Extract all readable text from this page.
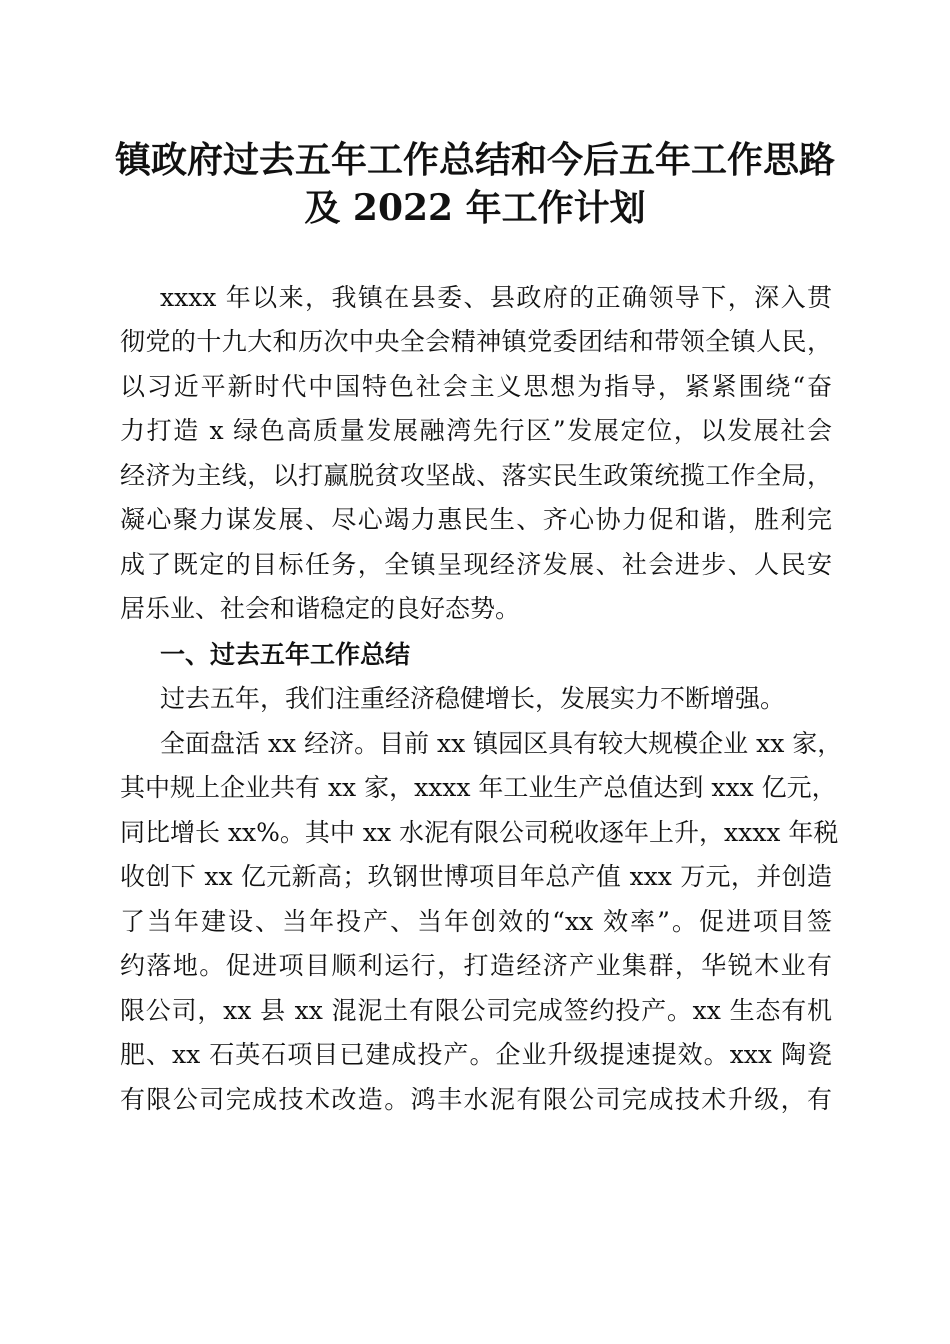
镇政府过去五年工作总结和今后五年工作思路
及 2022 年工作计划
xxxx 年以来，我镇在县委、县政府的正确领导下，深入贯
彻党的十九大和历次中央全会精神镇党委团结和带领全镇人民，
以习近平新时代中国特色社会主义思想为指导，紧紧围绕“奋
力打造 x 绿色高质量发展融湾先行区”发展定位，以发展社会
经济为主线，以打赢脱贫攻坚战、落实民生政策统揽工作全局，
凝心聚力谋发展、尽心竭力惠民生、齐心协力促和谐，胜利完
成了既定的目标任务，全镇呈现经济发展、社会进步、人民安
居乐业、社会和谐稳定的良好态势。
一、过去五年工作总结
过去五年，我们注重经济稳健增长，发展实力不断增强。
全面盘活 xx 经济。目前 xx 镇园区具有较大规模企业 xx 家，
其中规上企业共有 xx 家，xxxx 年工业生产总值达到 xxx 亿元，
同比增长 xx%。其中 xx 水泥有限公司税收逐年上升，xxxx 年税
收创下 xx 亿元新高；玖钢世博项目年总产值 xxx 万元，并创造
了当年建设、当年投产、当年创效的“xx 效率”。促进项目签
约落地。促进项目顺利运行，打造经济产业集群，华锐木业有
限公司，xx 县 xx 混泥土有限公司完成签约投产。xx 生态有机
肥、xx 石英石项目已建成投产。企业升级提速提效。xxx 陶瓷
有限公司完成技术改造。鸿丰水泥有限公司完成技术升级，有
